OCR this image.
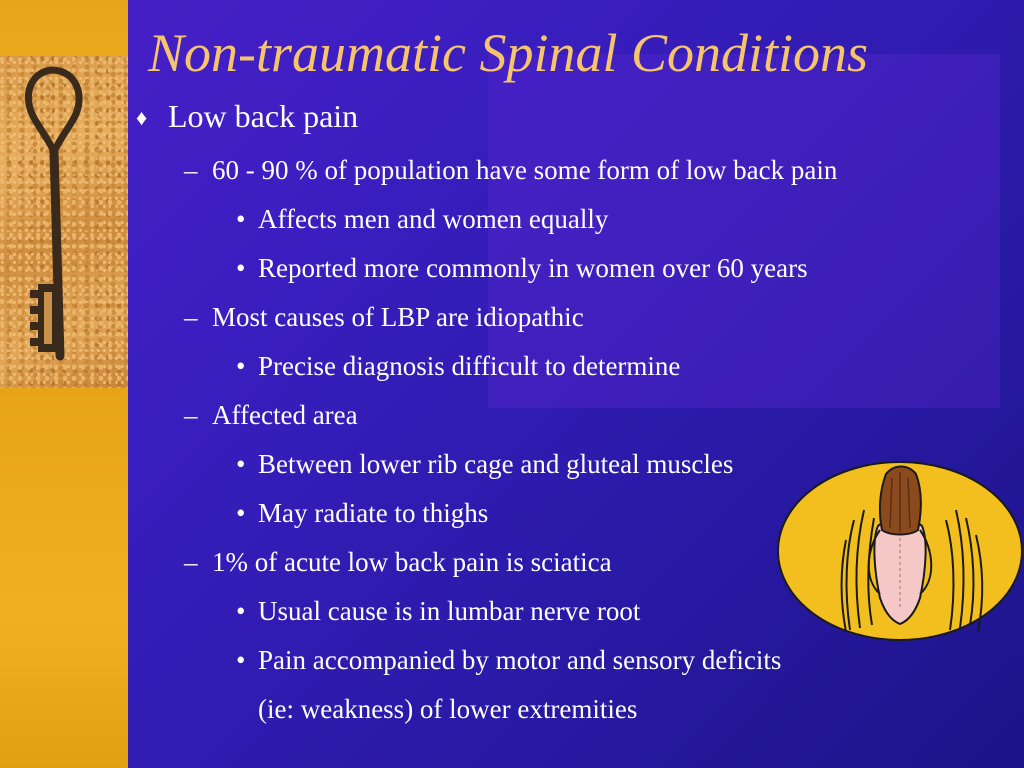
Non-traumatic Spinal Conditions
♦ Low back pain
– 60 - 90 % of population have some form of low back pain
• Affects men and women equally
• Reported more commonly in women over 60 years
– Most causes of LBP are idiopathic
• Precise diagnosis difficult to determine
– Affected area
• Between lower rib cage and gluteal muscles
• May radiate to thighs
– 1% of acute low back pain is sciatica
• Usual cause is in lumbar nerve root
• Pain accompanied by motor and sensory deficits
(ie: weakness) of lower extremities
